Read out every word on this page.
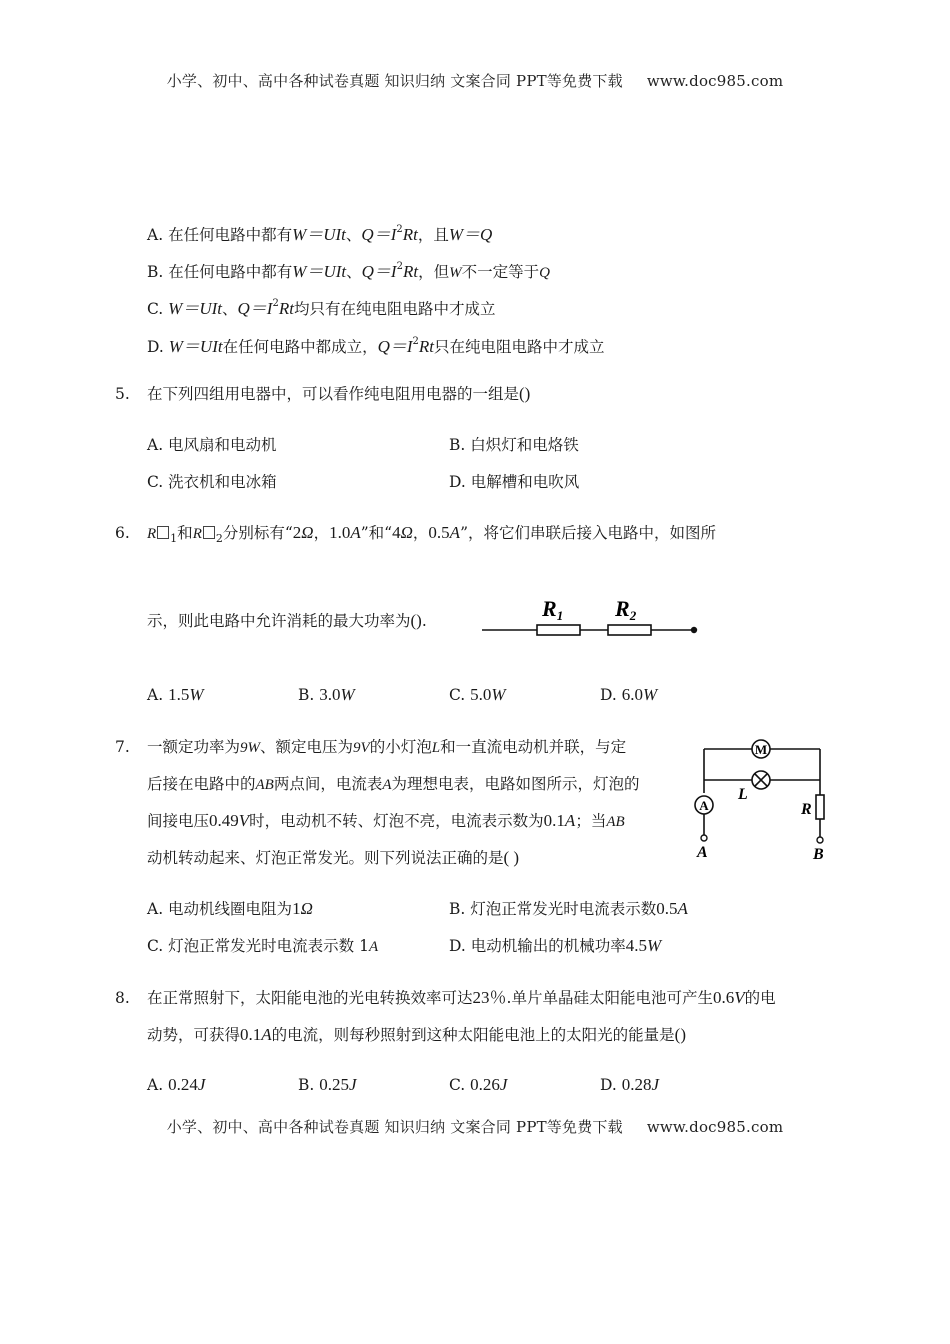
小学、初中、高中各种试卷真题 知识归纳 文案合同 PPT等免费下载 www.doc985.com
A. 在任何电路中都有W＝UIt、$Q=I^2Rt$，且W＝Q
B. 在任何电路中都有W＝UIt、$Q=I^2Rt$，但W不一定等于Q
C. W＝UIt、$Q=I^2Rt$均只有在纯电阻电路中才成立
D. W＝UIt在任何电路中都成立，$Q=I^2Rt$只在纯电阻电路中才成立
5. 在下列四组用电器中，可以看作纯电阻用电器的一组是()
A. 电风扇和电动机	B. 白炽灯和电烙铁
C. 洗衣机和电冰箱	D. 电解槽和电吹风
6. R $_1$和R $_2$分别标有“2Ω，1.0A”和“4Ω，0.5A”，将它们串联后接入电路中，如图所
示，则此电路中允许消耗的最大功率为().	R1 R2
A. 1.5W	B. 3.0W	C. 5.0W	D. 6.0W
7. 一额定功率为9W、额定电压为9V的小灯泡L和一直流电动机并联，与定
后接在电路中的AB两点间，电流表A为理想电表，电路如图所示，灯泡的
间接电压0.49V时，电动机不转、灯泡不亮，电流表示数为0.1A；当AB
动机转动起来、灯泡正常发光。则下列说法正确的是( )
M
L
A
A
R
B
A. 电动机线圈电阻为1Ω	B. 灯泡正常发光时电流表示数0.5A
C. 灯泡正常发光时电流表示数 1A	D. 电动机输出的机械功率4.5W
8. 在正常照射下，太阳能电池的光电转换效率可达23％.单片单晶硅太阳能电池可产生0.6V的电
动势，可获得0.1A的电流，则每秒照射到这种太阳能电池上的太阳光的能量是()
A. 0.24J	B. 0.25J	C. 0.26J	D. 0.28J
小学、初中、高中各种试卷真题 知识归纳 文案合同 PPT等免费下载 www.doc985.com
